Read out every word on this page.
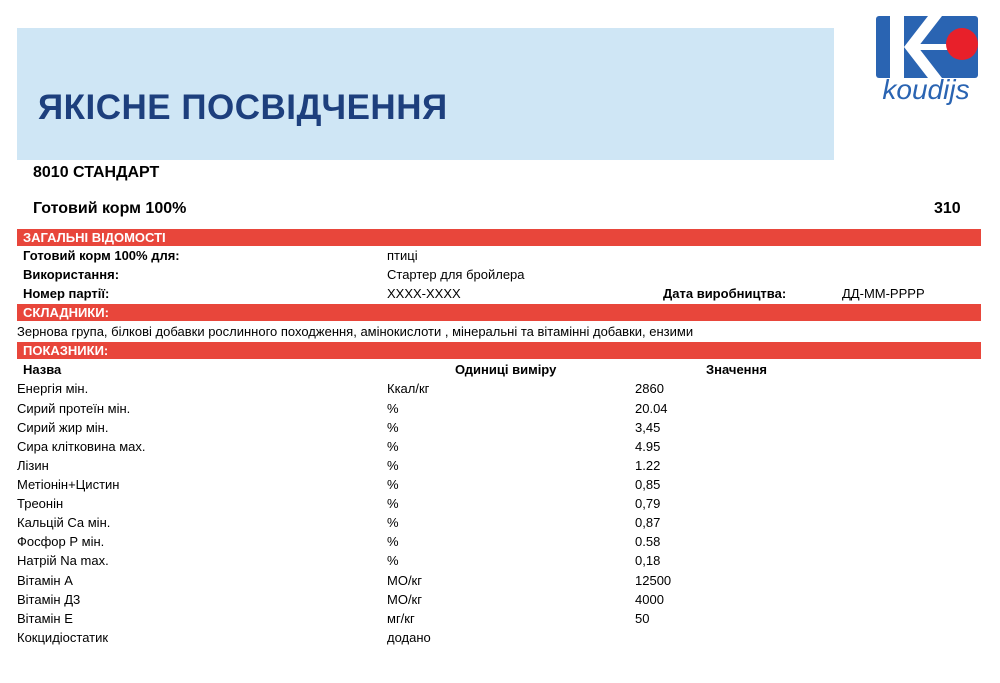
ЯКІСНЕ ПОСВІДЧЕННЯ	koudijs
8010 СТАНДАРТ
Готовий корм 100%	310
ЗАГАЛЬНІ ВІДОМОСТІ
Готовий корм 100% для:	птиці
Використання:	Стартер для бройлера
Номер партії:	XXXX-XXXX	Дата виробництва:	ДД-ММ-РРРР
СКЛАДНИКИ:
Зернова група, білкові добавки рослинного походження, амінокислоти , мінеральні та вітамінні добавки, ензими
ПОКАЗНИКИ:
Назва	Одиниці виміру	Значення
Енергія мін.	Ккал/кг	2860
Сирий протеїн мін.	%	20.04
Сирий жир мін.	%	3,45
Сира клітковина мах.	%	4.95
Лізин	%	1.22
Метіонін+Цистин	%	0,85
Треонін	%	0,79
Кальцій Са мін.	%	0,87
Фосфор Р мін.	%	0.58
Натрій Na max.	%	0,18
Вітамін А	МО/кг	12500
Вітамін Д3	МО/кг	4000
Вітамін Е	мг/кг	50
Кокцидіостатик	додано
